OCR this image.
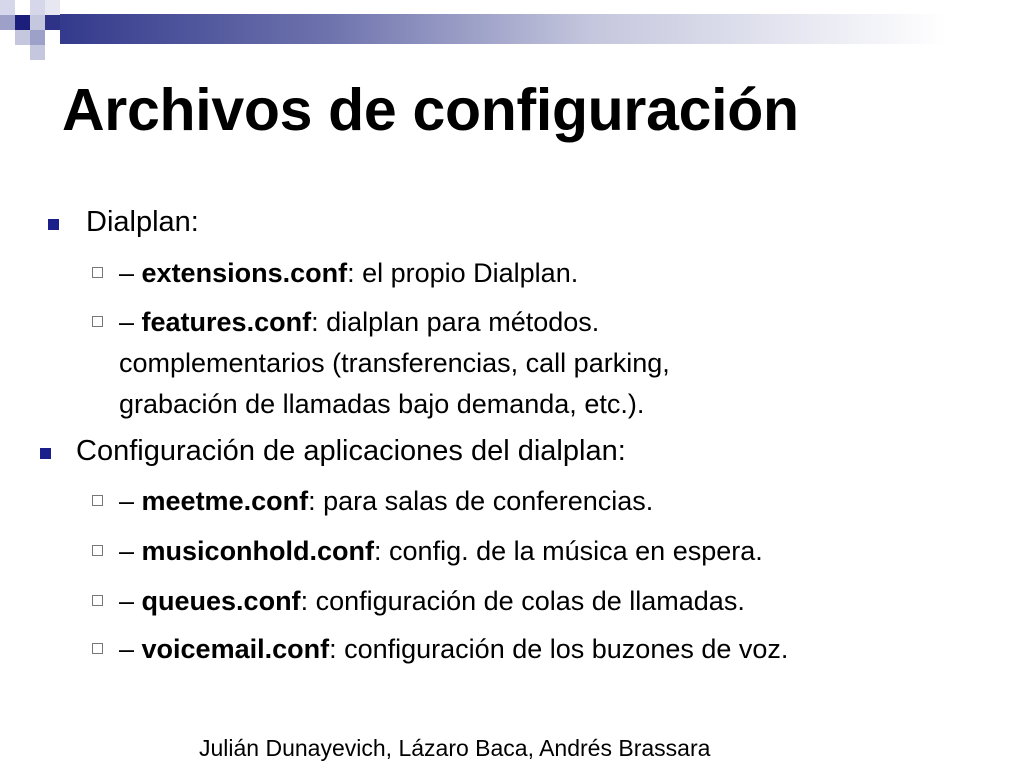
Archivos de configuración
Dialplan:
– extensions.conf: el propio Dialplan.
– features.conf: dialplan para métodos.
complementarios (transferencias, call parking,
grabación de llamadas bajo demanda, etc.).
Configuración de aplicaciones del dialplan:
– meetme.conf: para salas de conferencias.
– musiconhold.conf: config. de la música en espera.
– queues.conf: configuración de colas de llamadas.
– voicemail.conf: configuración de los buzones de voz.
Julián Dunayevich, Lázaro Baca, Andrés Brassara
